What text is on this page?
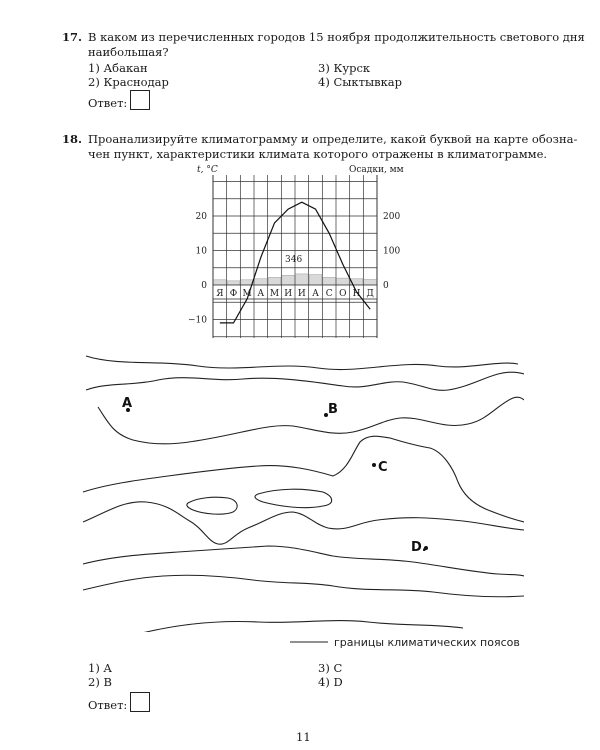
17. В каком из перечисленных городов 15 ноября продолжительность светового дня
наибольшая?
1) Абакан
2) Краснодар
3) Курск
4) Сыктывкар
Ответ:
18. Проанализируйте климатограмму и определите, какой буквой на карте обозна-
чен пункт, характеристики климата которого отражены в климатограмме.
t, °C	Осадки, мм
Я Ф М А М И И А С О Н Д
20
10
0
−10
200
100
0
346
A	B
C
D.
границы климатических поясов
1) A
2) B
3) C
4) D
Ответ:
11
